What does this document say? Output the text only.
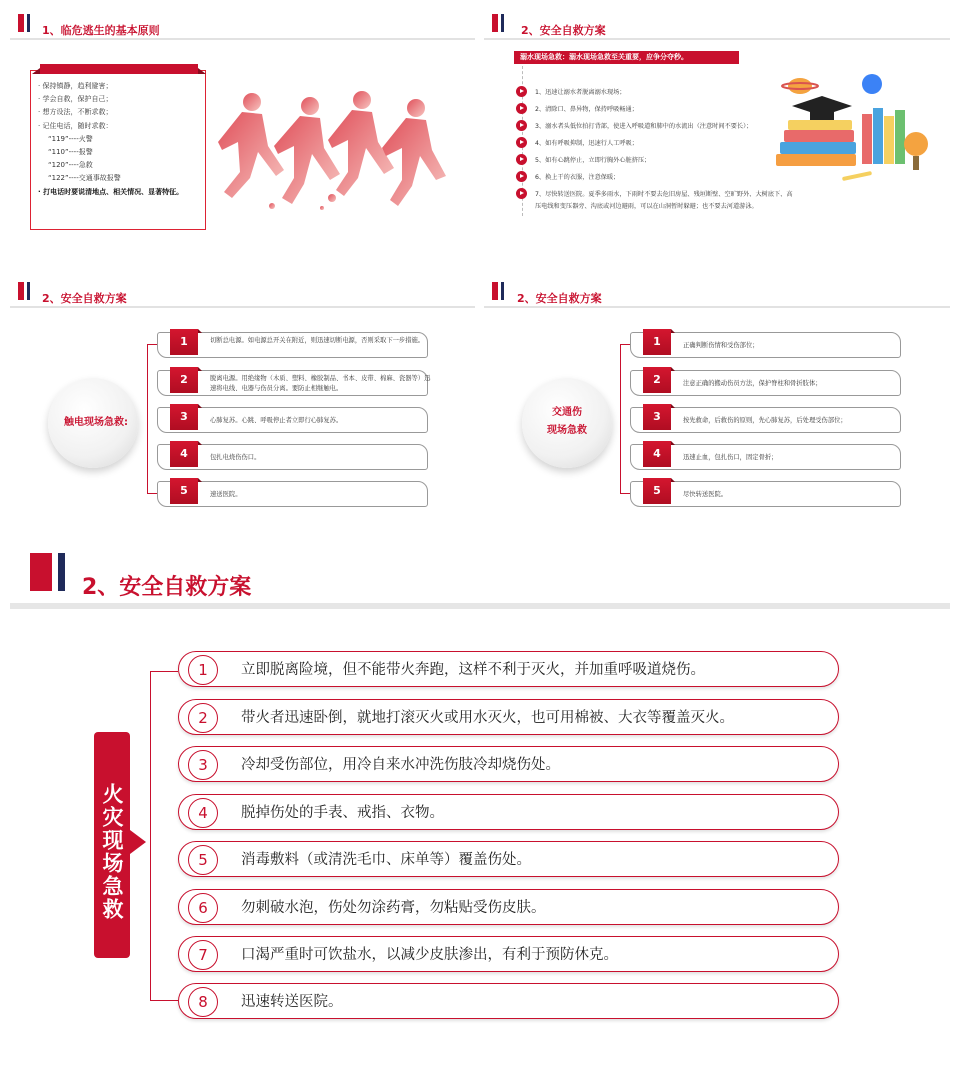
1、临危逃生的基本原则
· 保持镇静，趋利避害；
· 学会自救，保护自己；
· 想方设法，不断求救；
· 记住电话，随时求救：
“119”----火警
“110”----报警
“120”----急救
“122”----交通事故报警
· 打电话时要说清地点、相关情况、显著特征。
2、安全自救方案
溺水现场急救：溺水现场急救至关重要，应争分夺秒。
1、迅速让溺水者脱离溺水现场；
2、清除口、鼻异物，保持呼吸畅通；
3、溺水者头低位拍打背部，使进入呼吸道和肺中的水流出（注意时间不要长）；
4、如有呼吸抑制，迅速行人工呼吸；
5、如有心跳停止，立即行胸外心脏挤压；
6、换上干的衣服，注意保暖；
7、尽快转送医院。夏季多雨水，下雨时不要去危旧房屋、残垣断壁、空旷野外、大树底下、高压电线和变压器旁、沟底或河边避雨，可以在山洞暂时躲避；也不要去河道游泳。
2、安全自救方案
触电现场急救:
1	切断总电源。如电源总开关在附近，则迅速切断电源，否则采取下一步措施。
2	脱离电源。用绝缘物（木质、塑料、橡胶制品、书本、皮带、棉麻、瓷器等）迅速将电线、电器与伤员分离。要防止相继触电。
3	心肺复苏。心跳、呼吸停止者立即行心肺复苏。
4	包扎电烧伤伤口。
5	速送医院。
2、安全自救方案
交通伤
现场急救
1	正确判断伤情和受伤部位；
2	注意正确的搬动伤员方法，保护脊柱和骨折肢体；
3	按先救命，后救伤的原则，先心肺复苏，后处理受伤部位；
4	迅速止血，包扎伤口，固定骨折；
5	尽快转送医院。
2、安全自救方案
火灾现场急救
1	立即脱离险境，但不能带火奔跑，这样不利于灭火，并加重呼吸道烧伤。
2	带火者迅速卧倒，就地打滚灭火或用水灭火，也可用棉被、大衣等覆盖灭火。
3	冷却受伤部位，用冷自来水冲洗伤肢冷却烧伤处。
4	脱掉伤处的手表、戒指、衣物。
5	消毒敷料（或清洗毛巾、床单等）覆盖伤处。
6	勿刺破水泡，伤处勿涂药膏，勿粘贴受伤皮肤。
7	口渴严重时可饮盐水，以减少皮肤渗出，有利于预防休克。
8	迅速转送医院。
